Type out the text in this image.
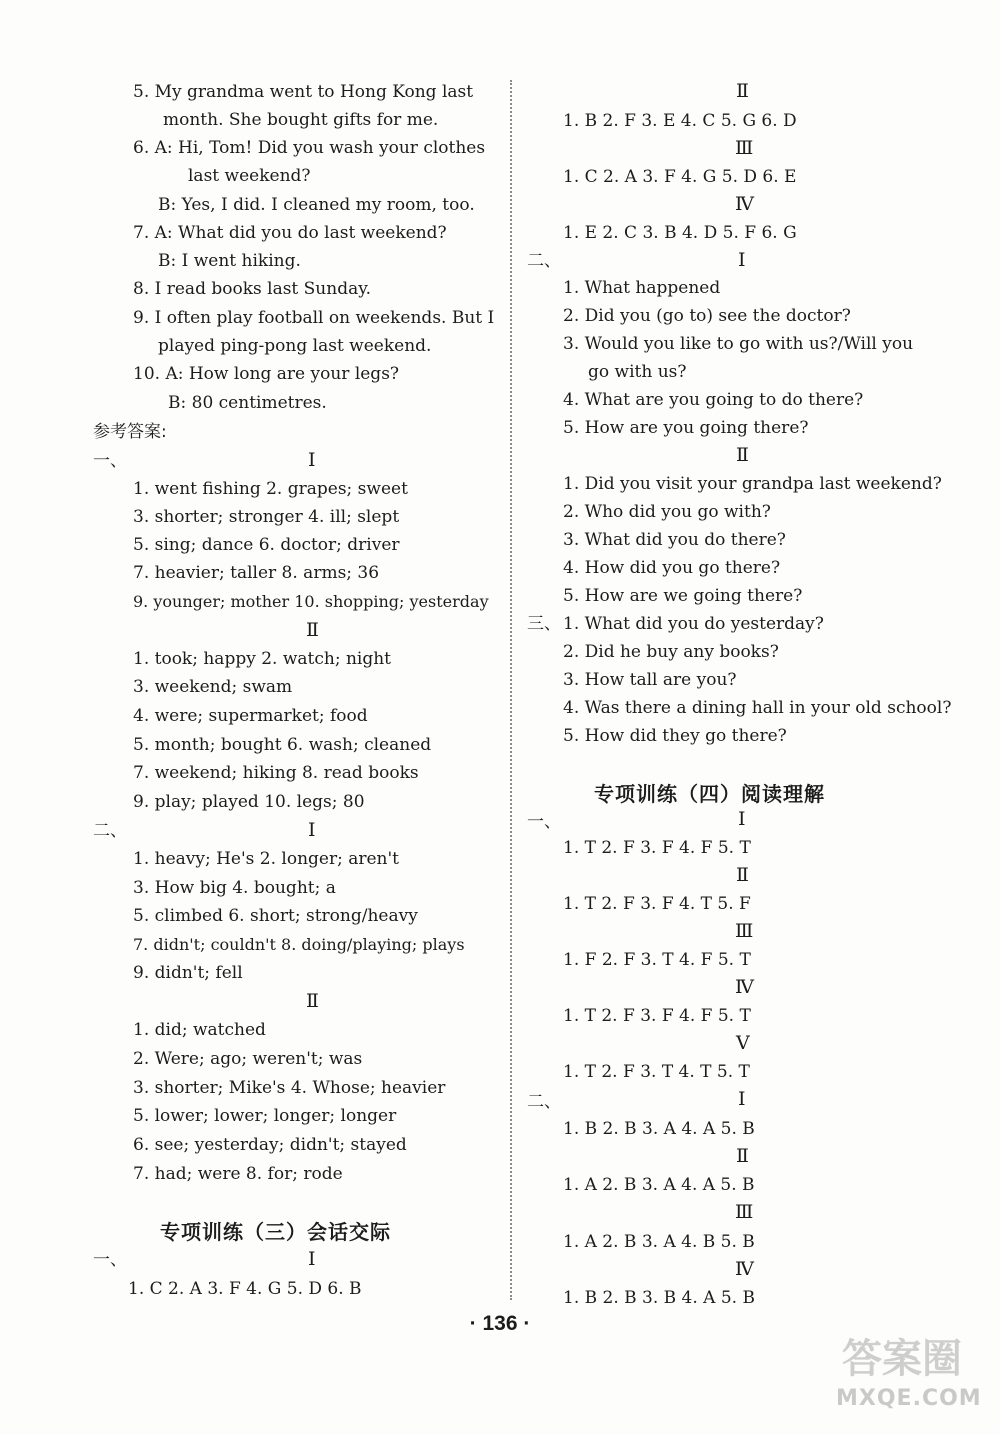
5. My grandma went to Hong Kong last
month. She bought gifts for me.
6. A: Hi, Tom! Did you wash your clothes
last weekend?
B: Yes, I did. I cleaned my room, too.
7. A: What did you do last weekend?
B: I went hiking.
8. I read books last Sunday.
9. I often play football on weekends. But I
played ping-pong last weekend.
10. A: How long are your legs?
B: 80 centimetres.
参考答案:
一、	Ⅰ
1. went fishing 2. grapes; sweet
3. shorter; stronger 4. ill; slept
5. sing; dance 6. doctor; driver
7. heavier; taller 8. arms; 36
9. younger; mother 10. shopping; yesterday
Ⅱ
1. took; happy 2. watch; night
3. weekend; swam
4. were; supermarket; food
5. month; bought 6. wash; cleaned
7. weekend; hiking 8. read books
9. play; played 10. legs; 80
二、	Ⅰ
1. heavy; He's 2. longer; aren't
3. How big 4. bought; a
5. climbed 6. short; strong/heavy
7. didn't; couldn't 8. doing/playing; plays
9. didn't; fell
Ⅱ
1. did; watched
2. Were; ago; weren't; was
3. shorter; Mike's 4. Whose; heavier
5. lower; lower; longer; longer
6. see; yesterday; didn't; stayed
7. had; were 8. for; rode
专项训练（三）会话交际
一、	Ⅰ
1. C 2. A 3. F 4. G 5. D 6. B
Ⅱ
1. B 2. F 3. E 4. C 5. G 6. D
Ⅲ
1. C 2. A 3. F 4. G 5. D 6. E
Ⅳ
1. E 2. C 3. B 4. D 5. F 6. G
二、	Ⅰ
1. What happened
2. Did you (go to) see the doctor?
3. Would you like to go with us?/Will you
go with us?
4. What are you going to do there?
5. How are you going there?
Ⅱ
1. Did you visit your grandpa last weekend?
2. Who did you go with?
3. What did you do there?
4. How did you go there?
5. How are we going there?
三、 1. What did you do yesterday?
2. Did he buy any books?
3. How tall are you?
4. Was there a dining hall in your old school?
5. How did they go there?
专项训练（四）阅读理解
一、	Ⅰ
1. T 2. F 3. F 4. F 5. T
Ⅱ
1. T 2. F 3. F 4. T 5. F
Ⅲ
1. F 2. F 3. T 4. F 5. T
Ⅳ
1. T 2. F 3. F 4. F 5. T
Ⅴ
1. T 2. F 3. T 4. T 5. T
二、	Ⅰ
1. B 2. B 3. A 4. A 5. B
Ⅱ
1. A 2. B 3. A 4. A 5. B
Ⅲ
1. A 2. B 3. A 4. B 5. B
Ⅳ
1. B 2. B 3. B 4. A 5. B
· 136 ·
答案圈
MXQE.COM
